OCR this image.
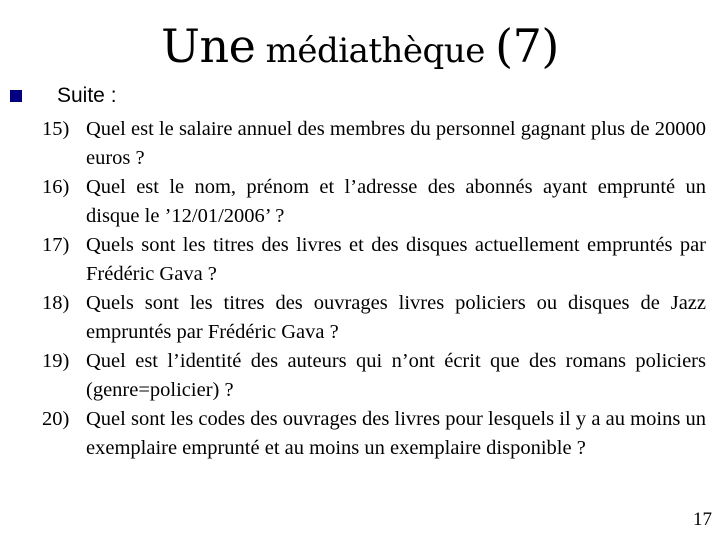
Une médiathèque (7)
Suite :
15) Quel est le salaire annuel des membres du personnel gagnant plus de 20000 euros ?
16) Quel est le nom, prénom et l’adresse des abonnés ayant emprunté un disque le ’12/01/2006’ ?
17) Quels sont les titres des livres et des disques actuellement empruntés par Frédéric Gava ?
18) Quels sont les titres des ouvrages livres policiers ou disques de Jazz empruntés par Frédéric Gava ?
19) Quel est l’identité des auteurs qui n’ont écrit que des romans policiers (genre=policier) ?
20) Quel sont les codes des ouvrages des livres pour lesquels il y a au moins un exemplaire emprunté et au moins un exemplaire disponible ?
17
